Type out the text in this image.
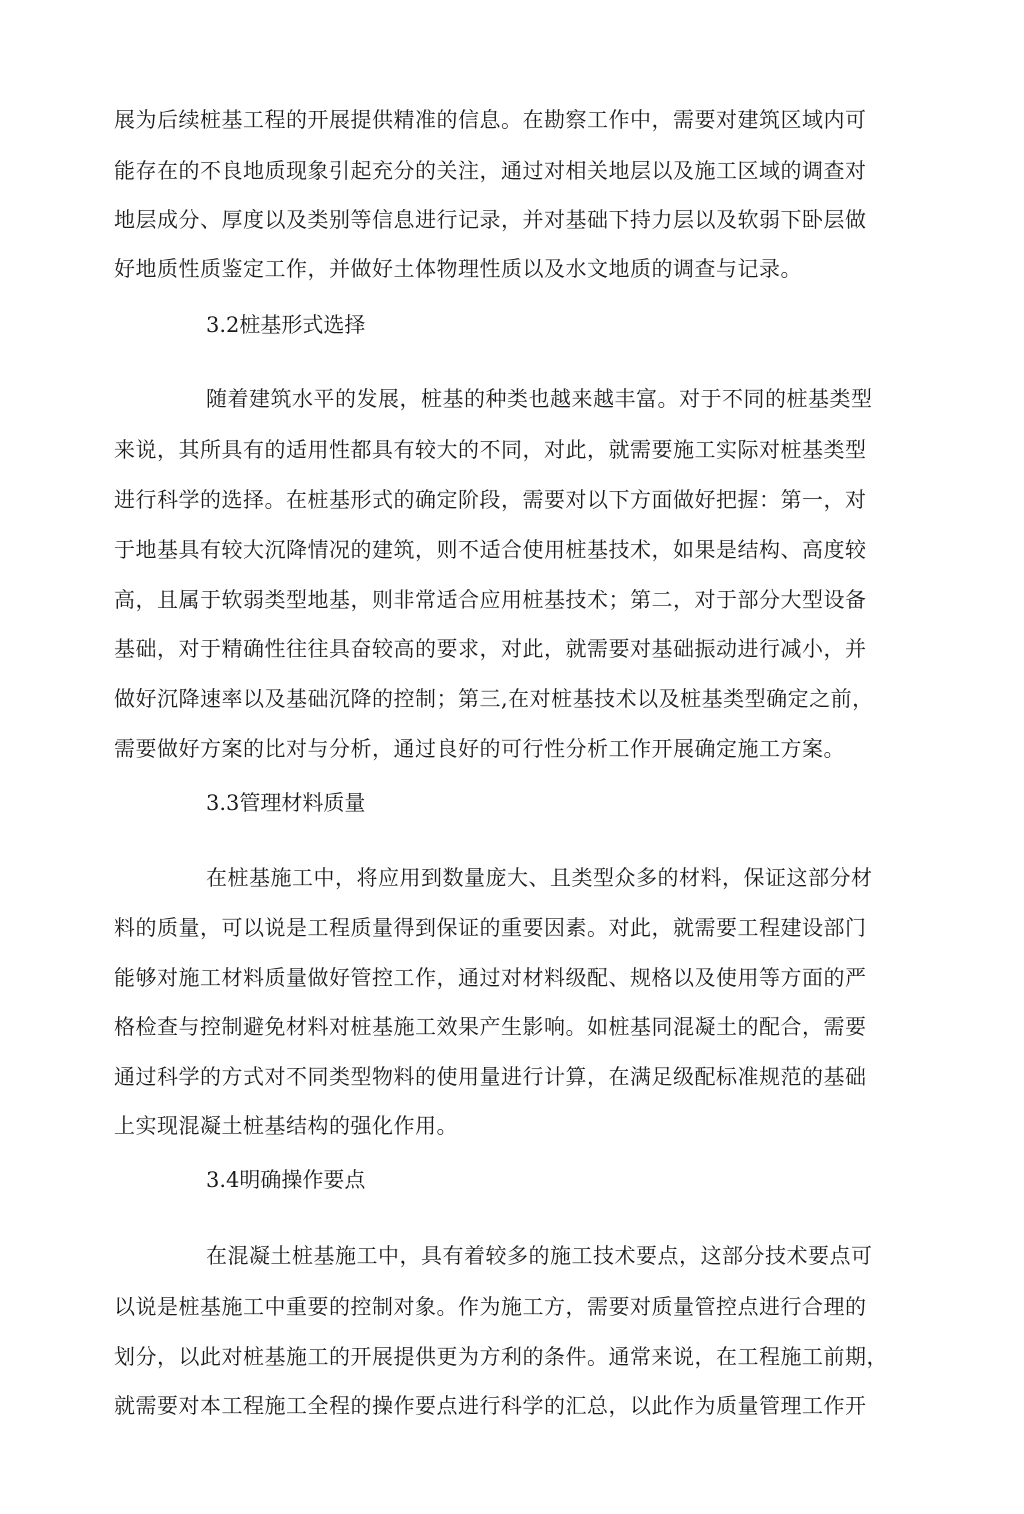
展为后续桩基工程的开展提供精准的信息。在勘察工作中，需要对建筑区域内可
能存在的不良地质现象引起充分的关注，通过对相关地层以及施工区域的调查对
地层成分、厚度以及类别等信息进行记录，并对基础下持力层以及软弱下卧层做
好地质性质鉴定工作，并做好土体物理性质以及水文地质的调查与记录。
3.2桩基形式选择
随着建筑水平的发展，桩基的种类也越来越丰富。对于不同的桩基类型
来说，其所具有的适用性都具有较大的不同，对此，就需要施工实际对桩基类型
进行科学的选择。在桩基形式的确定阶段，需要对以下方面做好把握：第一，对
于地基具有较大沉降情况的建筑，则不适合使用桩基技术，如果是结构、高度较
高，且属于软弱类型地基，则非常适合应用桩基技术；第二，对于部分大型设备
基础，对于精确性往往具奋较高的要求，对此，就需要对基础振动进行减小，并
做好沉降速率以及基础沉降的控制；第三,在对桩基技术以及桩基类型确定之前，
需要做好方案的比对与分析，通过良好的可行性分析工作开展确定施工方案。
3.3管理材料质量
在桩基施工中，将应用到数量庞大、且类型众多的材料，保证这部分材
料的质量，可以说是工程质量得到保证的重要因素。对此，就需要工程建设部门
能够对施工材料质量做好管控工作，通过对材料级配、规格以及使用等方面的严
格检查与控制避免材料对桩基施工效果产生影响。如桩基同混凝土的配合，需要
通过科学的方式对不同类型物料的使用量进行计算，在满足级配标准规范的基础
上实现混凝土桩基结构的强化作用。
3.4明确操作要点
在混凝土桩基施工中，具有着较多的施工技术要点，这部分技术要点可
以说是桩基施工中重要的控制对象。作为施工方，需要对质量管控点进行合理的
划分，以此对桩基施工的开展提供更为方利的条件。通常来说，在工程施工前期，
就需要对本工程施工全程的操作要点进行科学的汇总，以此作为质量管理工作开
